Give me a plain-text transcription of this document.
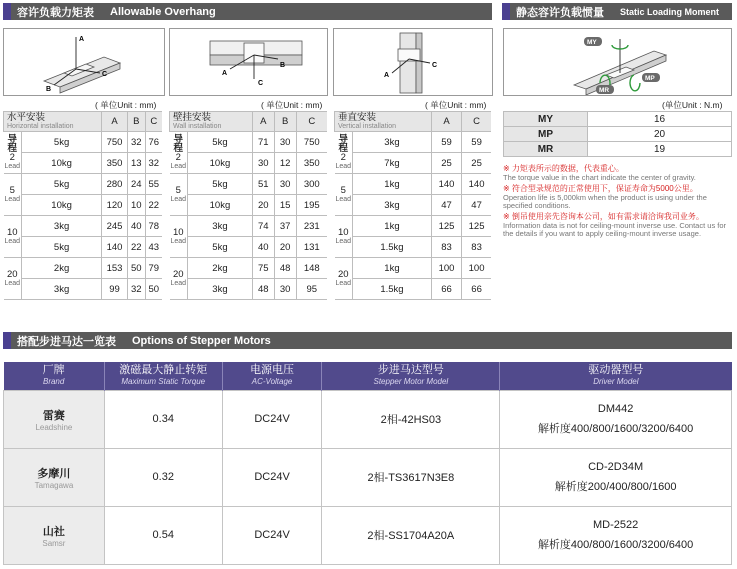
容许负载力矩表 Allowable Overhang	静态容许负载惯量 Static Loading Moment
搭配步进马达一览表 Options of Stepper Motors
A
B
C	A
C
B
A
C
MY
MP
MR
( 单位Unit : mm)	( 单位Unit : mm)	( 单位Unit : mm)	(单位Unit : N.m)
水平安装
Horizontal installation		A	B	C

导
程
2
Lead	5kg	750	32	76
	10kg	350	13	32

5
Lead	5kg	280	24	55
	10kg	120	10	22

10
Lead	3kg	245	40	78
	5kg	140	22	43

20
Lead	2kg	153	50	79
	3kg	99	32	50
壁挂安装
Wall installation		A	B	C

导
程
2
Lead	5kg	71	30	750
	10kg	30	12	350

5
Lead	5kg	51	30	300
	10kg	20	15	195

10
Lead	3kg	74	37	231
	5kg	40	20	131

20
Lead	2kg	75	48	148
	3kg	48	30	95
垂直安装
Vertical installation		A	C

导
程
2
Lead	3kg	59	59
	7kg	25	25

5
Lead	1kg	140	140
	3kg	47	47

10
Lead	1kg	125	125
	1.5kg	83	83

20
Lead	1kg	100	100
	1.5kg	66	66
MY	16
MP	20
MR	19

※ 力矩表所示的数据，代表重心。

The torque value in the chart indicate the center of gravity.

※ 符合型录规范的正常使用下，保证寿命为5000公里。

Operation life is 5,000km when the product is using under the specified conditions.

※ 倒吊使用亲先咨询本公司，如有需求请洽询我司业务。

Information data is not for ceiling-mount inverse use. Contact us for the details if you want to apply ceiling-mount inverse usage.

厂牌
Brand	激磁最大静止转矩
Maximum Static Torque	电源电压
AC-Voltage	步进马达型号
Stepper Motor Model	驱动器型号
Driver Model

雷赛
Leadshine	0.34	DC24V	2相-42HS03	DM442
解析度400/800/1600/3200/6400

多摩川
Tamagawa	0.32	DC24V	2相-TS3617N3E8	CD-2D34M
解析度200/400/800/1600

山社
Samsr	0.54	DC24V	2相-SS1704A20A	MD-2522
解析度400/800/1600/3200/6400
